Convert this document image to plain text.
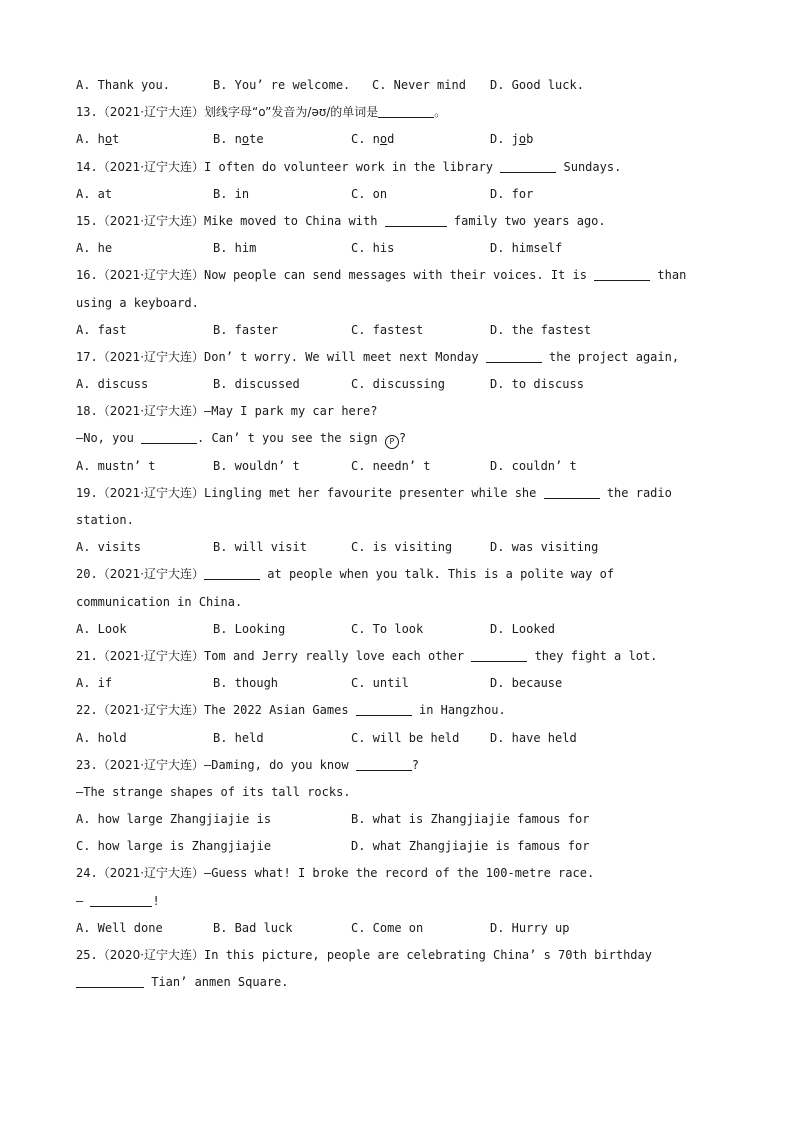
A. Thank you.	B. You’ re welcome. C. Never mind D. Good luck.
13.（2021·辽宁大连）划线字母“o”发音为/əʊ/的单词是	。
A. hot	B. note	C. nod	D. job
14.（2021·辽宁大连）I often do volunteer work in the library	Sundays.
A. at	B. in	C. on	D. for
15.（2021·辽宁大连）Mike moved to China with	family two years ago.
A. he	B. him	C. his	D. himself
16.（2021·辽宁大连）Now people can send messages with their voices. It is	than
using a keyboard.
A. fast	B. faster	C. fastest	D. the fastest
17.（2021·辽宁大连）Don’ t worry. We will meet next Monday	the project again,
A. discuss	B. discussed	C. discussing	D. to discuss
18.（2021·辽宁大连）—May I park my car here?
—No, you	. Can’ t you see the sign P ?
A. mustn’ t	B. wouldn’ t	C. needn’ t	D. couldn’ t
19.（2021·辽宁大连）Lingling met her favourite presenter while she	the radio
station.
A. visits	B. will visit	C. is visiting	D. was visiting
20.（2021·辽宁大连）	at people when you talk. This is a polite way of
communication in China.
A. Look	B. Looking	C. To look	D. Looked
21.（2021·辽宁大连）Tom and Jerry really love each other	they fight a lot.
A. if	B. though	C. until	D. because
22.（2021·辽宁大连）The 2022 Asian Games	in Hangzhou.
A. hold	B. held	C. will be held	D. have held
23.（2021·辽宁大连）—Daming, do you know	?
—The strange shapes of its tall rocks.
A. how large Zhangjiajie is	B. what is Zhangjiajie famous for
C. how large is Zhangjiajie	D. what Zhangjiajie is famous for
24.（2021·辽宁大连）—Guess what! I broke the record of the 100-metre race.
—	!
A. Well done	B. Bad luck	C. Come on	D. Hurry up
25.（2020·辽宁大连）In this picture, people are celebrating China’ s 70th birthday
Tian’ anmen Square.
